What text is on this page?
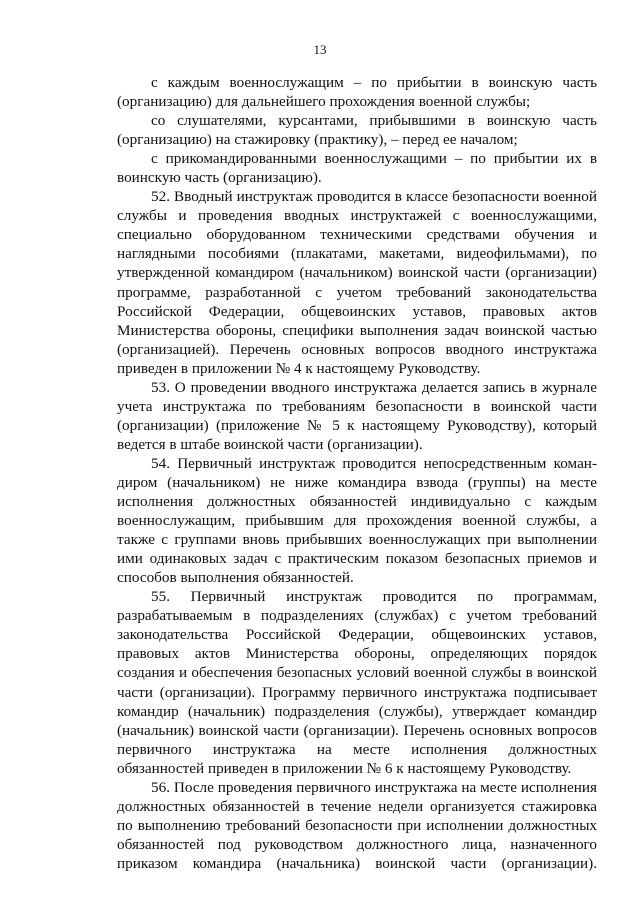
13

с каждым военнослужащим – по прибытии в воинскую часть (организацию) для дальнейшего прохождения военной службы;

со слушателями, курсантами, прибывшими в воинскую часть (организацию) на стажировку (практику), – перед ее началом;

с прикомандированными военнослужащими – по прибытии их в воинскую часть (организацию).

52. Вводный инструктаж проводится в классе безопасности военной службы и проведения вводных инструктажей с военнослужащими, специально оборудованном техническими средствами обучения и наглядными пособиями (плакатами, макетами, видеофильмами), по утвержденной командиром (начальником) воинской части (организации) программе, разработанной с учетом требований законодательства Российской Федерации, общевоинских уставов, правовых актов Министерства обороны, специфики выполнения задач воинской частью (организацией). Перечень основных вопросов вводного инструктажа приведен в приложении № 4 к настоящему Руководству.

53. О проведении вводного инструктажа делается запись в журнале учета инструктажа по требованиям безопасности в воинской части (организации) (приложение № 5 к настоящему Руководству), который ведется в штабе воинской части (организации).

54. Первичный инструктаж проводится непосредственным командиром (начальником) не ниже командира взвода (группы) на месте исполнения должностных обязанностей индивидуально с каждым военнослужащим, прибывшим для прохождения военной службы, а также с группами вновь прибывших военнослужащих при выполнении ими одинаковых задач с практическим показом безопасных приемов и способов выполнения обязанностей.

55. Первичный инструктаж проводится по программам, разрабатываемым в подразделениях (службах) с учетом требований законодательства Российской Федерации, общевоинских уставов, правовых актов Министерства обороны, определяющих порядок создания и обеспечения безопасных условий военной службы в воинской части (организации). Программу первичного инструктажа подписывает командир (начальник) подразделения (службы), утверждает командир (начальник) воинской части (организации). Перечень основных вопросов первичного инструктажа на месте исполнения должностных обязанностей приведен в приложении № 6 к настоящему Руководству.

56. После проведения первичного инструктажа на месте исполнения должностных обязанностей в течение недели организуется стажировка по выполнению требований безопасности при исполнении должностных обязанностей под руководством должностного лица, назначенного приказом командира (начальника) воинской части (организации).
